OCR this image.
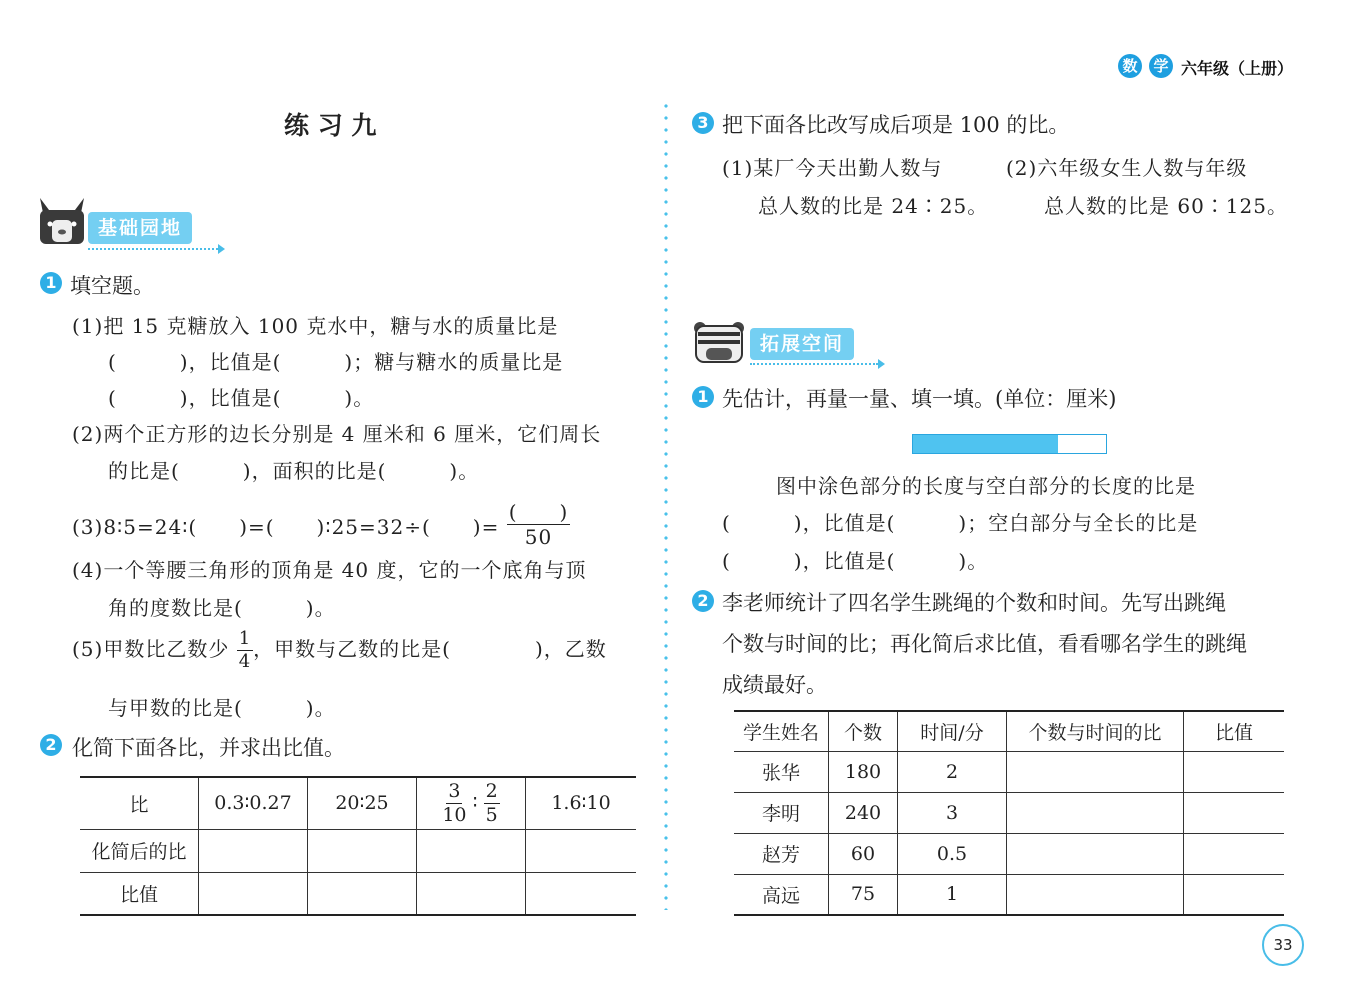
数	学 六年级（上册）
练 习 九
基础园地
1 填空题。
(1)把 15 克糖放入 100 克水中，糖与水的质量比是
(　　　)，比值是(　　　)；糖与糖水的质量比是
(　　　)，比值是(　　　)。
(2)两个正方形的边长分别是 4 厘米和 6 厘米，它们周长
的比是(　　　)，面积的比是(　　　)。
(3)8∶5=24∶(　　)=(　　)∶25=32÷(　　)= $\frac{( )}{50}$
(4)一个等腰三角形的顶角是 40 度，它的一个底角与顶
角的度数比是(　　　)。
(5)甲数比乙数少 $\frac{1}{4}$ ，甲数与乙数的比是(　　　　)，乙数
与甲数的比是(　　　)。
2 化简下面各比，并求出比值。
比	0.3∶0.27	20∶25	$\frac{3}{10}$ ∶ $\frac{2}{5}$	1.6∶10
化简后的比				
比值				
3 把下面各比改写成后项是 100 的比。
(1)某厂今天出勤人数与
总人数的比是 24∶25。
(2)六年级女生人数与年级
总人数的比是 60∶125。
拓展空间
1 先估计，再量一量、填一填。(单位：厘米)
图中涂色部分的长度与空白部分的长度的比是
(　　　)，比值是(　　　)；空白部分与全长的比是
(　　　)，比值是(　　　)。
2 李老师统计了四名学生跳绳的个数和时间。先写出跳绳
个数与时间的比；再化简后求比值，看看哪名学生的跳绳
成绩最好。
学生姓名	个数	时间/分	个数与时间的比	比值
张华	180	2		
李明	240	3		
赵芳	60	0.5		
高远	75	1		
33
